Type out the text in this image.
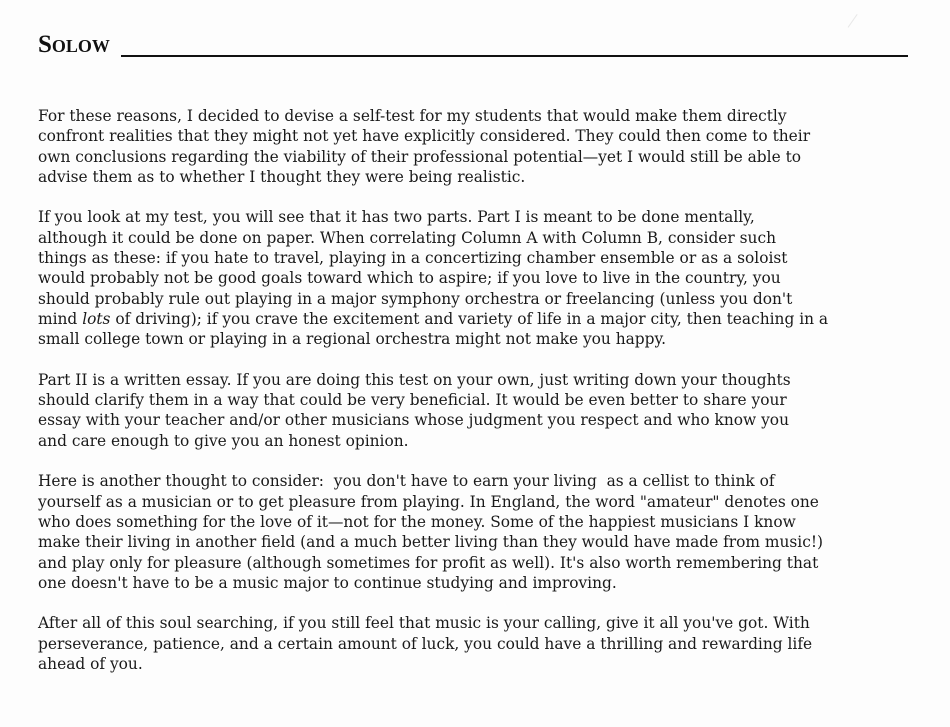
Solow

For these reasons, I decided to devise a self-test for my students that would make them directly
confront realities that they might not yet have explicitly considered. They could then come to their
own conclusions regarding the viability of their professional potential—yet I would still be able to
advise them as to whether I thought they were being realistic.

If you look at my test, you will see that it has two parts. Part I is meant to be done mentally,
although it could be done on paper. When correlating Column A with Column B, consider such
things as these: if you hate to travel, playing in a concertizing chamber ensemble or as a soloist
would probably not be good goals toward which to aspire; if you love to live in the country, you
should probably rule out playing in a major symphony orchestra or freelancing (unless you don't
mind lots of driving); if you crave the excitement and variety of life in a major city, then teaching in a
small college town or playing in a regional orchestra might not make you happy.

Part II is a written essay. If you are doing this test on your own, just writing down your thoughts
should clarify them in a way that could be very beneficial. It would be even better to share your
essay with your teacher and/or other musicians whose judgment you respect and who know you
and care enough to give you an honest opinion.

Here is another thought to consider:  you don't have to earn your living  as a cellist to think of
yourself as a musician or to get pleasure from playing. In England, the word "amateur" denotes one
who does something for the love of it—not for the money. Some of the happiest musicians I know
make their living in another field (and a much better living than they would have made from music!)
and play only for pleasure (although sometimes for profit as well). It's also worth remembering that
one doesn't have to be a music major to continue studying and improving.

After all of this soul searching, if you still feel that music is your calling, give it all you've got. With
perseverance, patience, and a certain amount of luck, you could have a thrilling and rewarding life
ahead of you.
